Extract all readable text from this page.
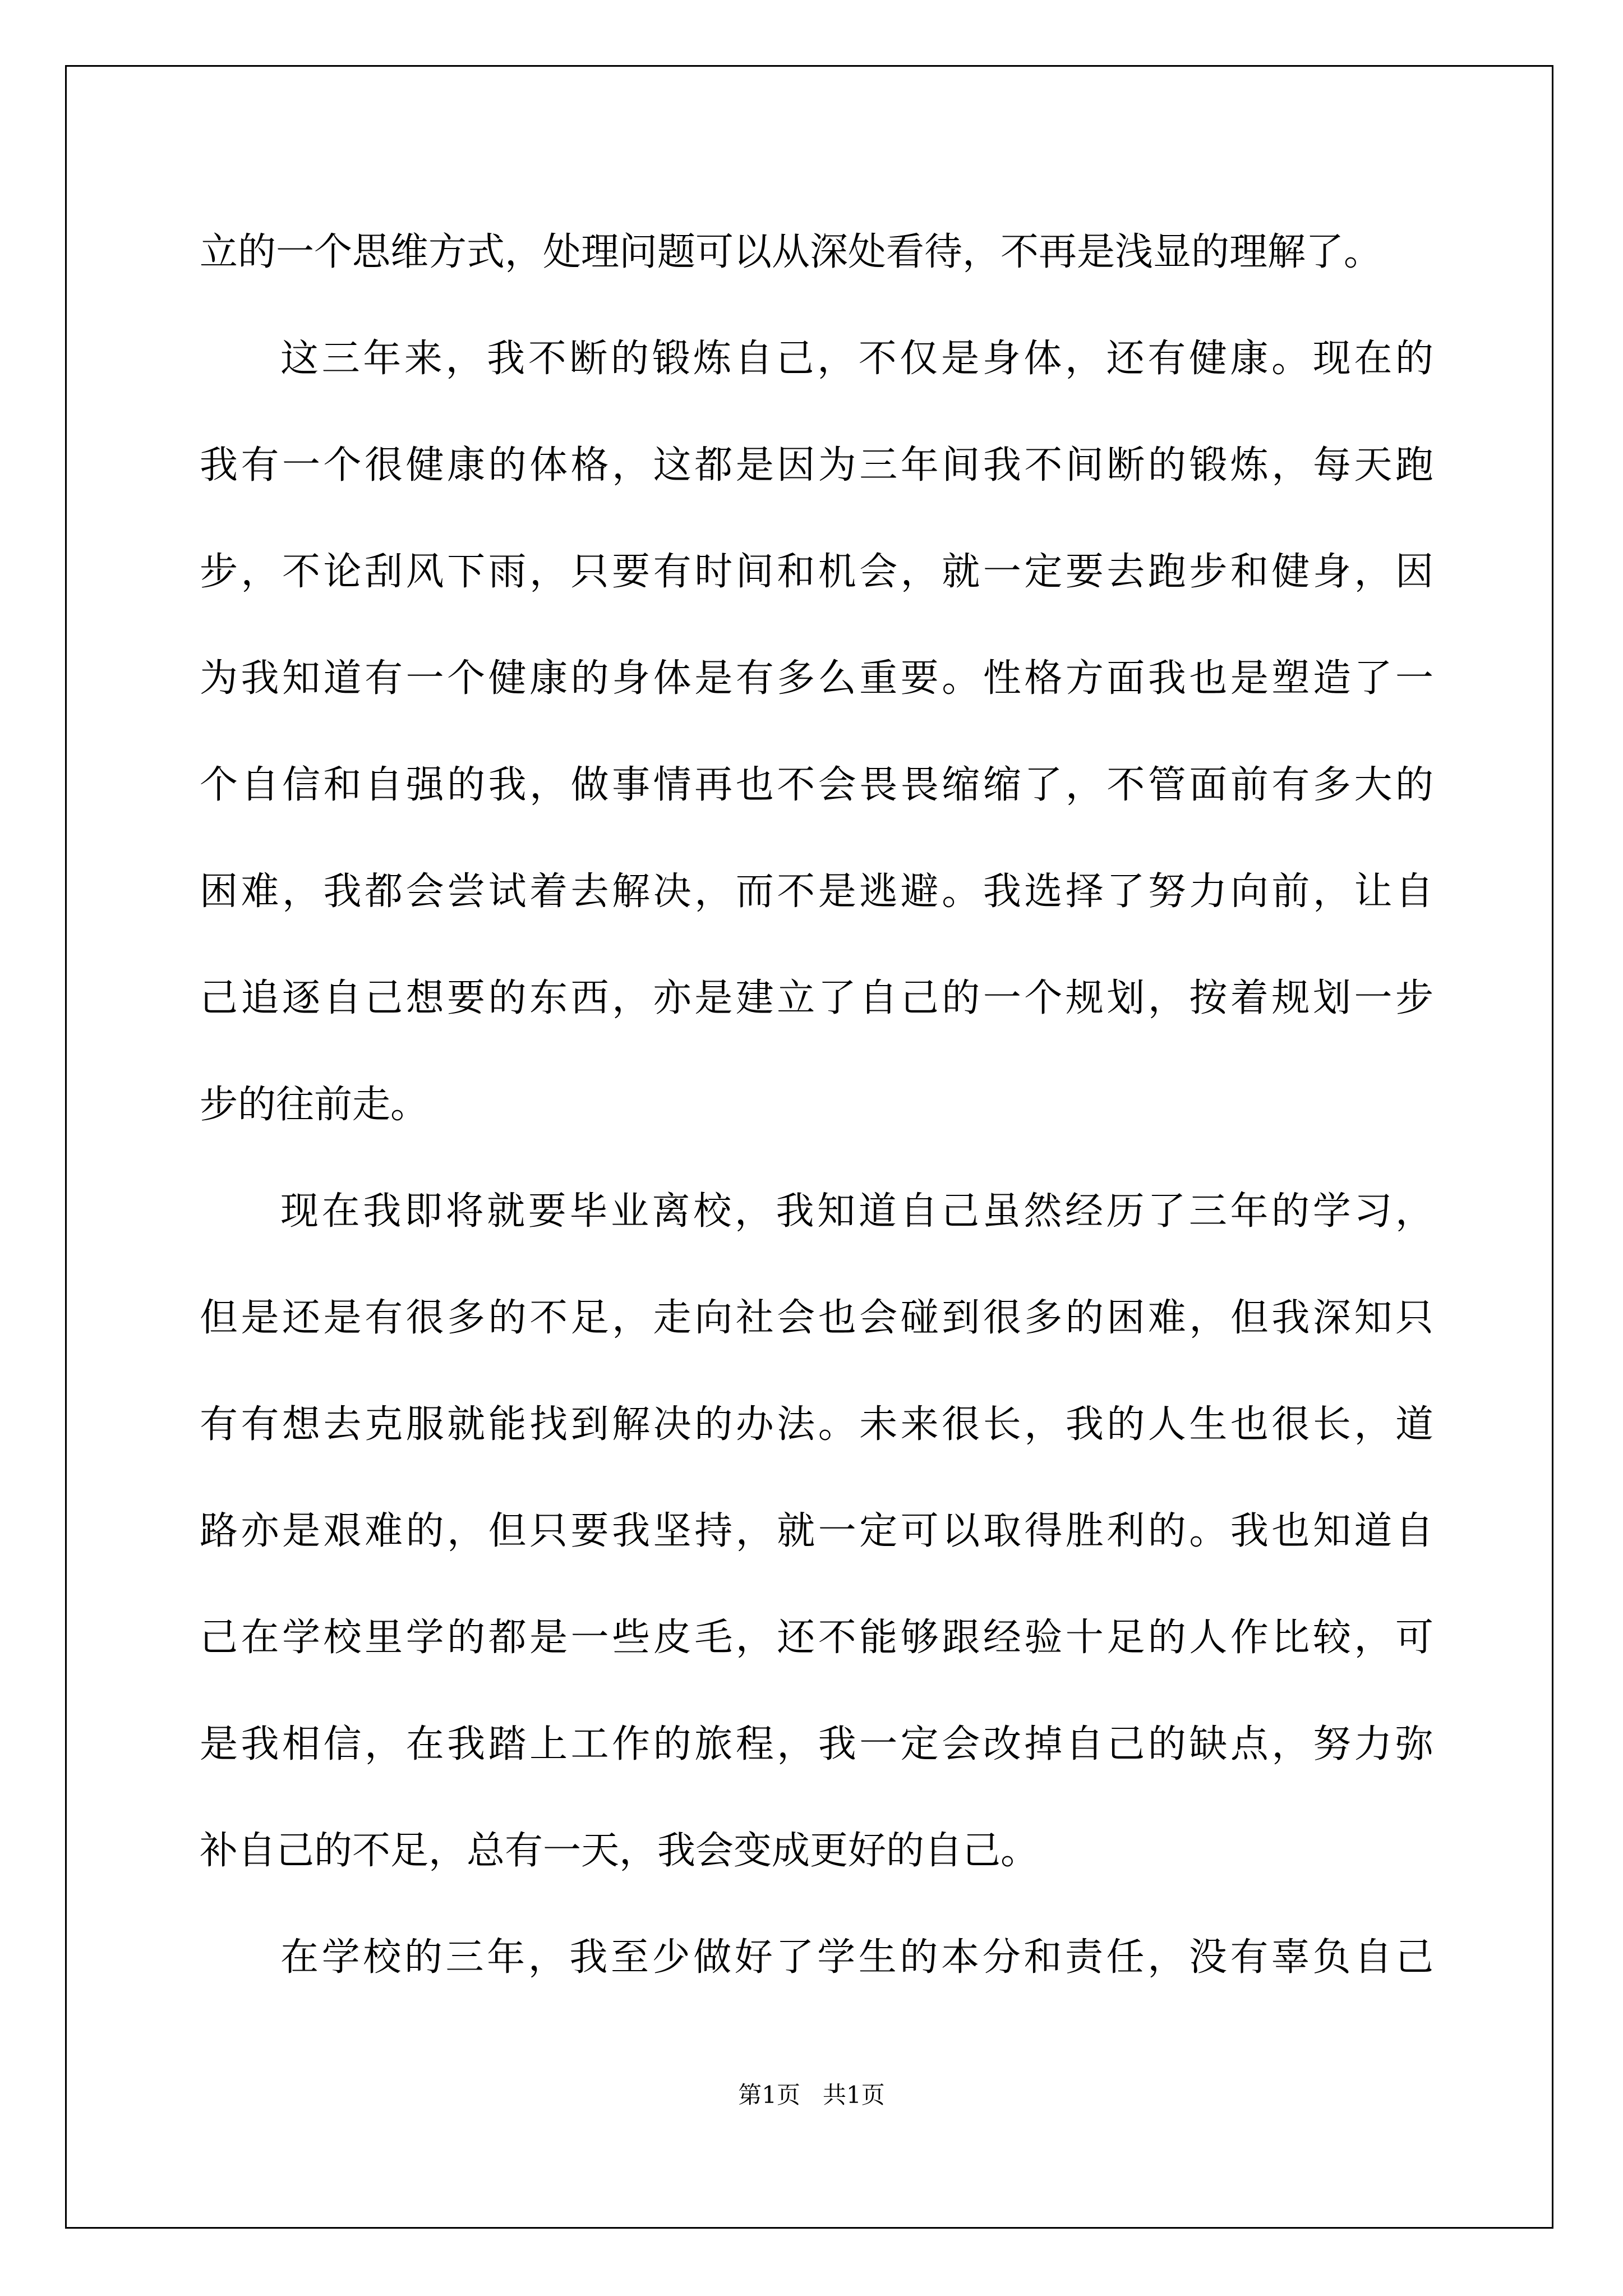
立的一个思维方式，处理问题可以从深处看待，不再是浅显的理解了。
这三年来，我不断的锻炼自己，不仅是身体，还有健康。现在的
我有一个很健康的体格，这都是因为三年间我不间断的锻炼，每天跑
步，不论刮风下雨，只要有时间和机会，就一定要去跑步和健身，因
为我知道有一个健康的身体是有多么重要。性格方面我也是塑造了一
个自信和自强的我，做事情再也不会畏畏缩缩了，不管面前有多大的
困难，我都会尝试着去解决，而不是逃避。我选择了努力向前，让自
己追逐自己想要的东西，亦是建立了自己的一个规划，按着规划一步
步的往前走。
现在我即将就要毕业离校，我知道自己虽然经历了三年的学习，
但是还是有很多的不足，走向社会也会碰到很多的困难，但我深知只
有有想去克服就能找到解决的办法。未来很长，我的人生也很长，道
路亦是艰难的，但只要我坚持，就一定可以取得胜利的。我也知道自
己在学校里学的都是一些皮毛，还不能够跟经验十足的人作比较，可
是我相信，在我踏上工作的旅程，我一定会改掉自己的缺点，努力弥
补自己的不足，总有一天，我会变成更好的自己。
在学校的三年，我至少做好了学生的本分和责任，没有辜负自己
第1页   共1页
